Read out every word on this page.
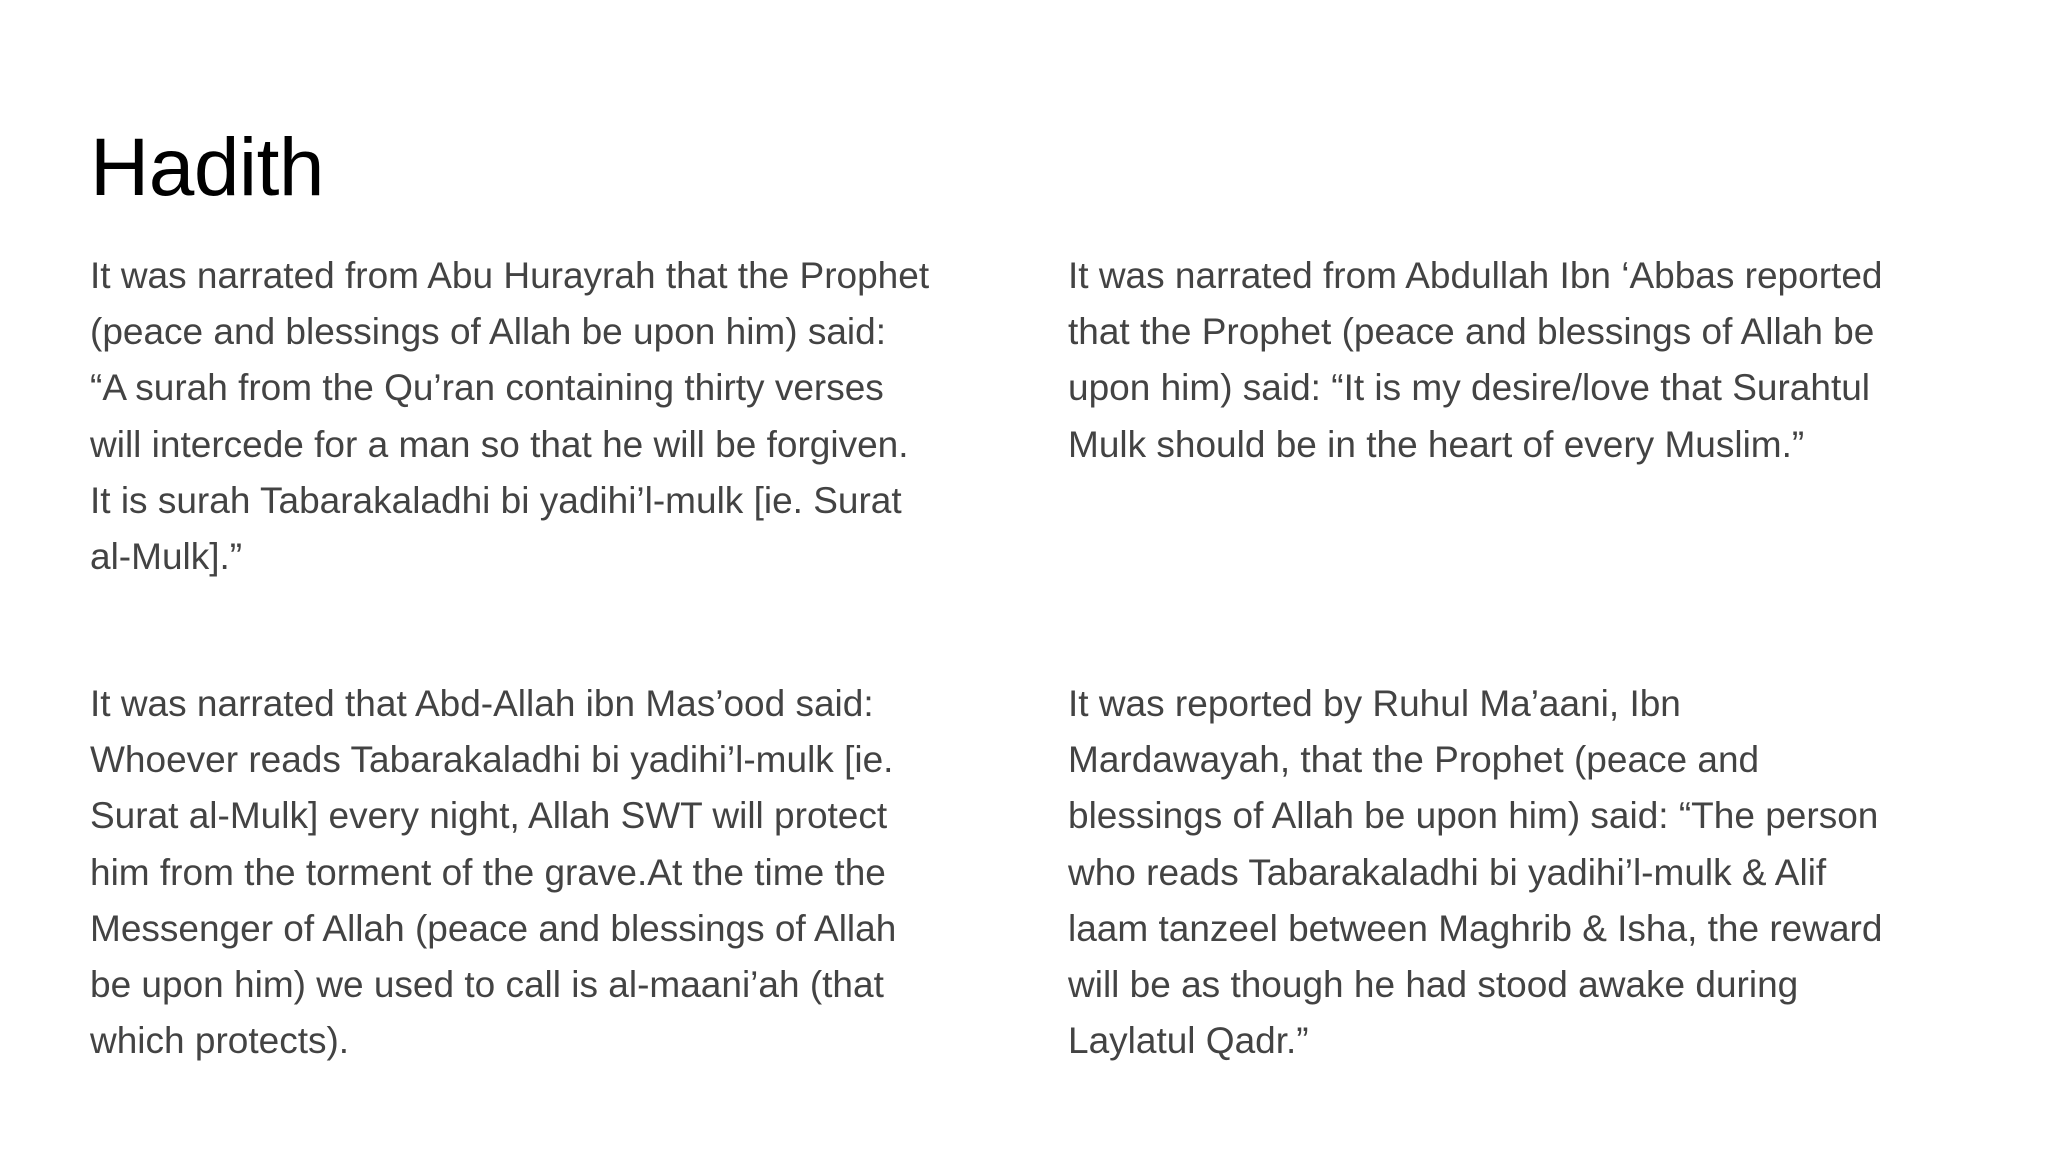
Hadith

It was narrated from Abu Hurayrah that the Prophet
(peace and blessings of Allah be upon him) said:
“A surah from the Qu’ran containing thirty verses
will intercede for a man so that he will be forgiven.
It is surah Tabarakaladhi bi yadihi’l-mulk [ie. Surat
al-Mulk].”

It was narrated from Abdullah Ibn ‘Abbas reported
that the Prophet (peace and blessings of Allah be
upon him) said: “It is my desire/love that Surahtul
Mulk should be in the heart of every Muslim.”

It was narrated that Abd-Allah ibn Mas’ood said:
Whoever reads Tabarakaladhi bi yadihi’l-mulk [ie.
Surat al-Mulk] every night, Allah SWT will protect
him from the torment of the grave.At the time the
Messenger of Allah (peace and blessings of Allah
be upon him) we used to call is al-maani’ah (that
which protects).

It was reported by Ruhul Ma’aani, Ibn
Mardawayah, that the Prophet (peace and
blessings of Allah be upon him) said: “The person
who reads Tabarakaladhi bi yadihi’l-mulk & Alif
laam tanzeel between Maghrib & Isha, the reward
will be as though he had stood awake during
Laylatul Qadr.”
